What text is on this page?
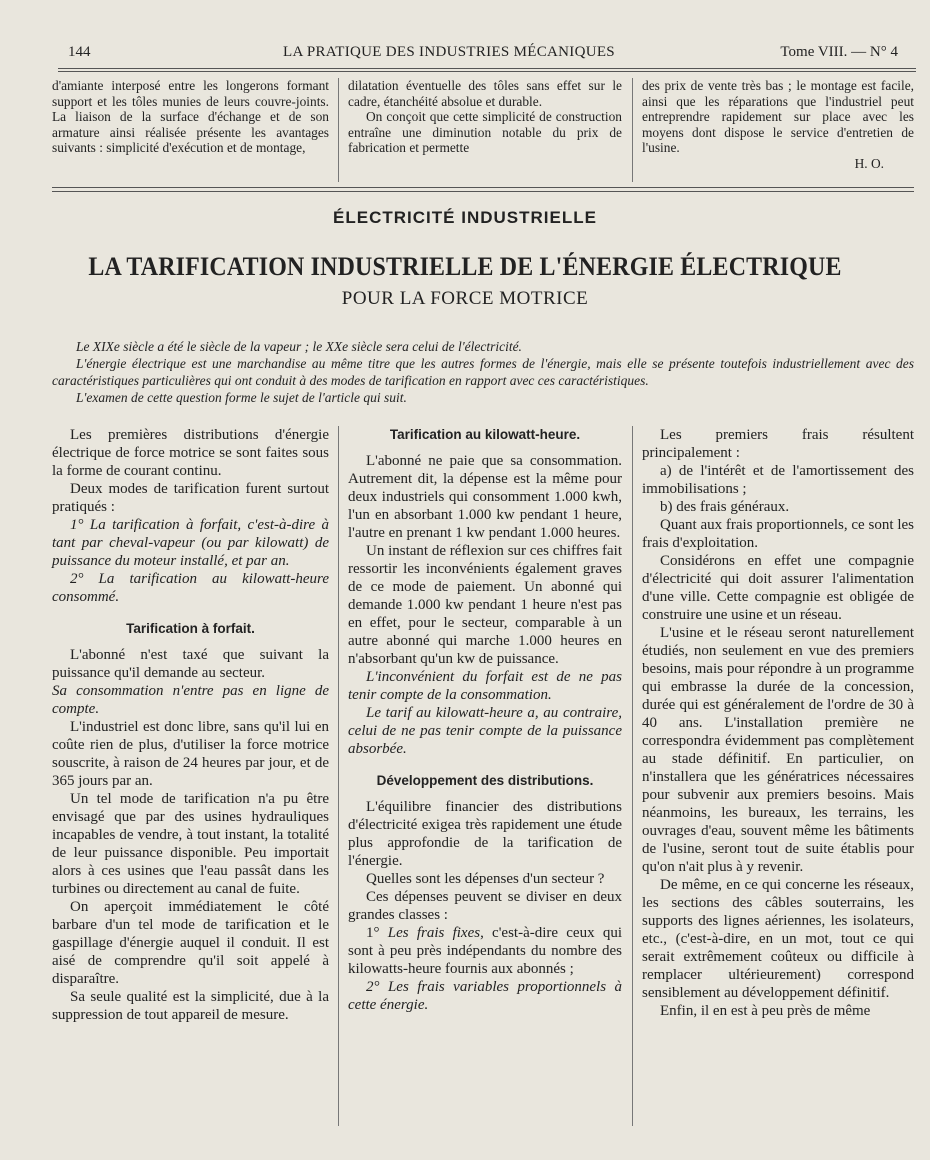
144	LA PRATIQUE DES INDUSTRIES MÉCANIQUES	Tome VIII. — N° 4

d'amiante interposé entre les longerons formant support et les tôles munies de leurs couvre-joints. La liaison de la surface d'échange et de son armature ainsi réalisée présente les avantages suivants : simplicité d'exécution et de montage,

dilatation éventuelle des tôles sans effet sur le cadre, étanchéité absolue et durable.

On conçoit que cette simplicité de construction entraîne une diminution notable du prix de fabrication et permette

des prix de vente très bas ; le montage est facile, ainsi que les réparations que l'industriel peut entreprendre rapidement sur place avec les moyens dont dispose le service d'entretien de l'usine.

H. O.

ÉLECTRICITÉ INDUSTRIELLE
LA TARIFICATION INDUSTRIELLE DE L'ÉNERGIE ÉLECTRIQUE
POUR LA FORCE MOTRICE

Le XIXe siècle a été le siècle de la vapeur ; le XXe siècle sera celui de l'électricité.

L'énergie électrique est une marchandise au même titre que les autres formes de l'énergie, mais elle se présente toutefois industriellement avec des caractéristiques particulières qui ont conduit à des modes de tarification en rapport avec ces caractéristiques.

L'examen de cette question forme le sujet de l'article qui suit.

Les premières distributions d'énergie électrique de force motrice se sont faites sous la forme de courant continu.

Deux modes de tarification furent surtout pratiqués :

1° La tarification à forfait, c'est-à-dire à tant par cheval-vapeur (ou par kilowatt) de puissance du moteur installé, et par an.

2° La tarification au kilowatt-heure consommé.

Tarification à forfait.

L'abonné n'est taxé que suivant la puissance qu'il demande au secteur.

Sa consommation n'entre pas en ligne de compte.

L'industriel est donc libre, sans qu'il lui en coûte rien de plus, d'utiliser la force motrice souscrite, à raison de 24 heures par jour, et de 365 jours par an.

Un tel mode de tarification n'a pu être envisagé que par des usines hydrauliques incapables de vendre, à tout instant, la totalité de leur puissance disponible. Peu importait alors à ces usines que l'eau passât dans les turbines ou directement au canal de fuite.

On aperçoit immédiatement le côté barbare d'un tel mode de tarification et le gaspillage d'énergie auquel il conduit. Il est aisé de comprendre qu'il soit appelé à disparaître.

Sa seule qualité est la simplicité, due à la suppression de tout appareil de mesure.

Tarification au kilowatt-heure.

L'abonné ne paie que sa consommation. Autrement dit, la dépense est la même pour deux industriels qui consomment 1.000 kwh, l'un en absorbant 1.000 kw pendant 1 heure, l'autre en prenant 1 kw pendant 1.000 heures.

Un instant de réflexion sur ces chiffres fait ressortir les inconvénients également graves de ce mode de paiement. Un abonné qui demande 1.000 kw pendant 1 heure n'est pas en effet, pour le secteur, comparable à un autre abonné qui marche 1.000 heures en n'absorbant qu'un kw de puissance.

L'inconvénient du forfait est de ne pas tenir compte de la consommation.

Le tarif au kilowatt-heure a, au contraire, celui de ne pas tenir compte de la puissance absorbée.

Développement des distributions.

L'équilibre financier des distributions d'électricité exigea très rapidement une étude plus approfondie de la tarification de l'énergie.

Quelles sont les dépenses d'un secteur ?

Ces dépenses peuvent se diviser en deux grandes classes :

1° Les frais fixes, c'est-à-dire ceux qui sont à peu près indépendants du nombre des kilowatts-heure fournis aux abonnés ;

2° Les frais variables proportionnels à cette énergie.

Les premiers frais résultent principalement :

a) de l'intérêt et de l'amortissement des immobilisations ;

b) des frais généraux.

Quant aux frais proportionnels, ce sont les frais d'exploitation.

Considérons en effet une compagnie d'électricité qui doit assurer l'alimentation d'une ville. Cette compagnie est obligée de construire une usine et un réseau.

L'usine et le réseau seront naturellement étudiés, non seulement en vue des premiers besoins, mais pour répondre à un programme qui embrasse la durée de la concession, durée qui est généralement de l'ordre de 30 à 40 ans. L'installation première ne correspondra évidemment pas complètement au stade définitif. En particulier, on n'installera que les génératrices nécessaires pour subvenir aux premiers besoins. Mais néanmoins, les bureaux, les terrains, les ouvrages d'eau, souvent même les bâtiments de l'usine, seront tout de suite établis pour qu'on n'ait plus à y revenir.

De même, en ce qui concerne les réseaux, les sections des câbles souterrains, les supports des lignes aériennes, les isolateurs, etc., (c'est-à-dire, en un mot, tout ce qui serait extrêmement coûteux ou difficile à remplacer ultérieurement) correspond sensiblement au développement définitif.

Enfin, il en est à peu près de même
